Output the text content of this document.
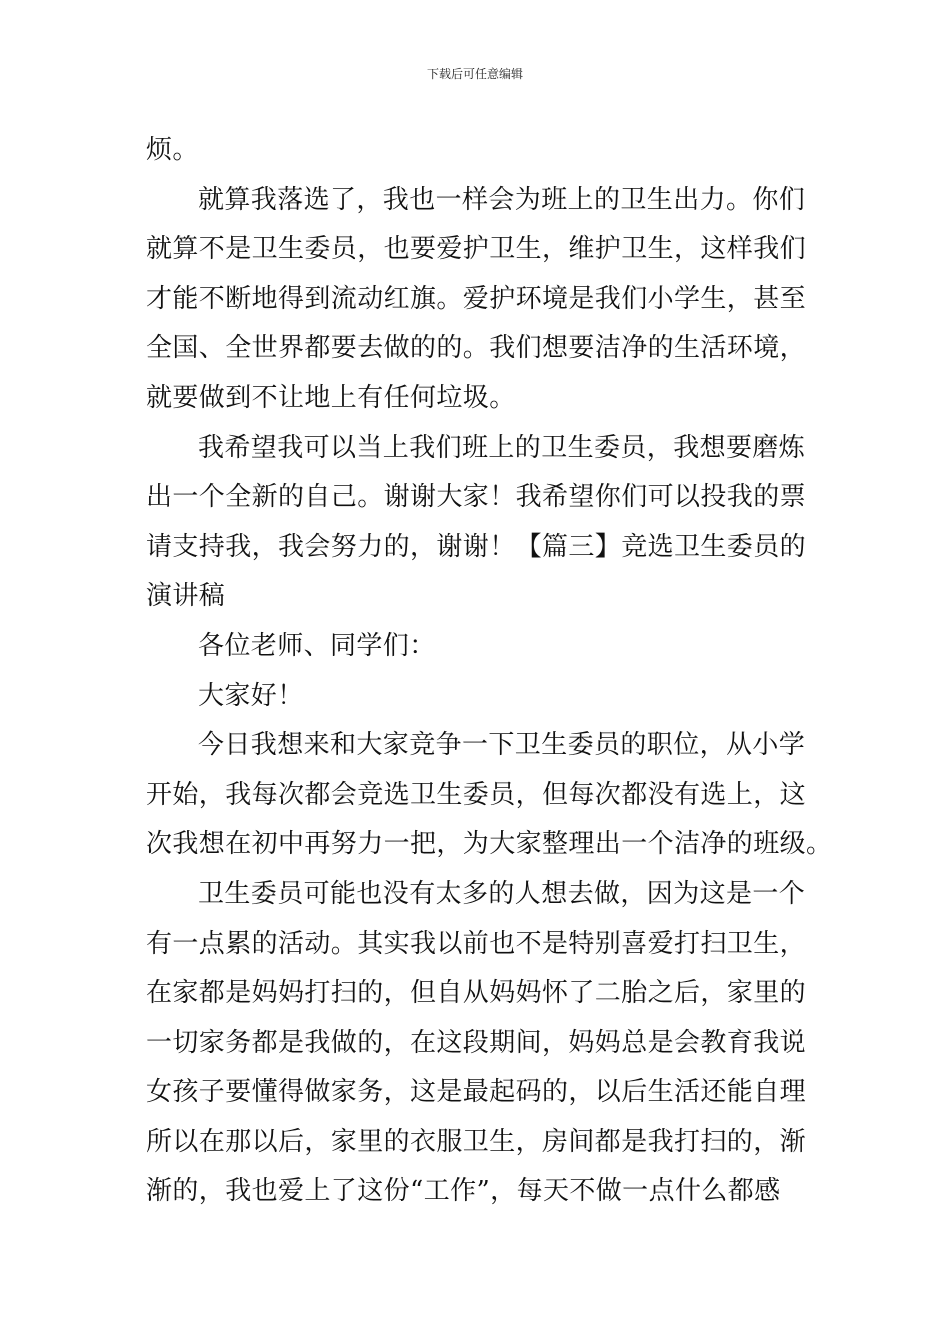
下载后可任意编辑
烦。
就算我落选了，我也一样会为班上的卫生出力。你们
就算不是卫生委员，也要爱护卫生，维护卫生，这样我们
才能不断地得到流动红旗。爱护环境是我们小学生，甚至
全国、全世界都要去做的的。我们想要洁净的生活环境，
就要做到不让地上有任何垃圾。
我希望我可以当上我们班上的卫生委员，我想要磨炼
出一个全新的自己。谢谢大家！我希望你们可以投我的票
请支持我，我会努力的，谢谢！【篇三】竞选卫生委员的
演讲稿
各位老师、同学们：
大家好！
今日我想来和大家竞争一下卫生委员的职位，从小学
开始，我每次都会竞选卫生委员，但每次都没有选上，这
次我想在初中再努力一把，为大家整理出一个洁净的班级。
卫生委员可能也没有太多的人想去做，因为这是一个
有一点累的活动。其实我以前也不是特别喜爱打扫卫生，
在家都是妈妈打扫的，但自从妈妈怀了二胎之后，家里的
一切家务都是我做的，在这段期间，妈妈总是会教育我说
女孩子要懂得做家务，这是最起码的，以后生活还能自理
所以在那以后，家里的衣服卫生，房间都是我打扫的，渐
渐的，我也爱上了这份“工作”，每天不做一点什么都感
